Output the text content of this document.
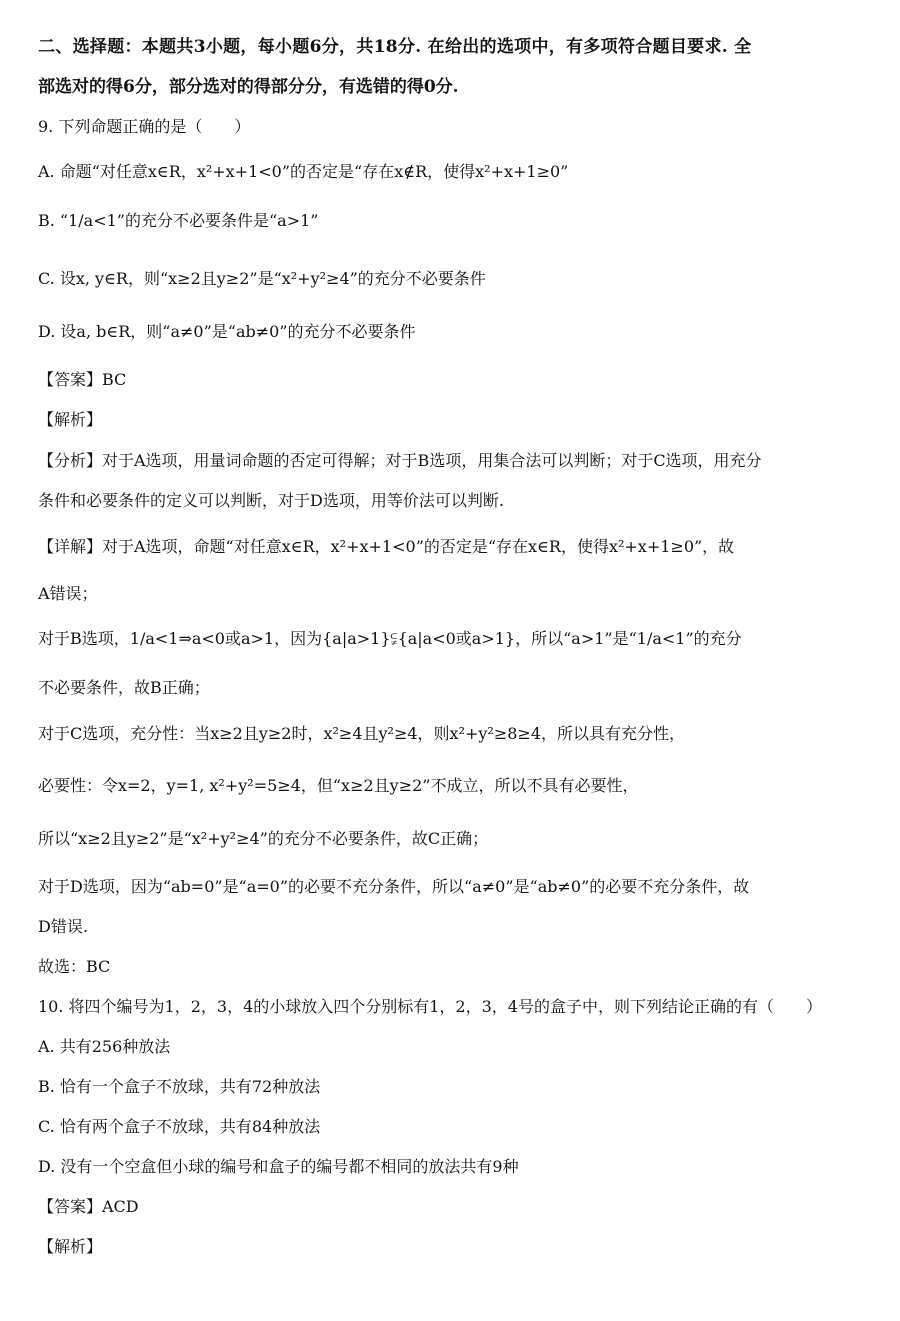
二、选择题：本题共3小题，每小题6分，共18分. 在给出的选项中，有多项符合题目要求. 全
部选对的得6分，部分选对的得部分分，有选错的得0分.
9. 下列命题正确的是（　　）
A. 命题“对任意x∈R，x²+x+1<0”的否定是“存在x∉R，使得x²+x+1≥0”
B. “1/a<1”的充分不必要条件是“a>1”
C. 设x, y∈R，则“x≥2且y≥2”是“x²+y²≥4”的充分不必要条件
D. 设a, b∈R，则“a≠0”是“ab≠0”的充分不必要条件
【答案】BC
【解析】
【分析】对于A选项，用量词命题的否定可得解；对于B选项，用集合法可以判断；对于C选项，用充分
条件和必要条件的定义可以判断，对于D选项，用等价法可以判断.
【详解】对于A选项，命题“对任意x∈R，x²+x+1<0”的否定是“存在x∈R，使得x²+x+1≥0”，故
A错误；
对于B选项，1/a<1⇒a<0或a>1，因为{a|a>1}⫋{a|a<0或a>1}，所以“a>1”是“1/a<1”的充分
不必要条件，故B正确；
对于C选项，充分性：当x≥2且y≥2时，x²≥4且y²≥4，则x²+y²≥8≥4，所以具有充分性，
必要性：令x=2，y=1, x²+y²=5≥4，但“x≥2且y≥2”不成立，所以不具有必要性，
所以“x≥2且y≥2”是“x²+y²≥4”的充分不必要条件，故C正确；
对于D选项，因为“ab=0”是“a=0”的必要不充分条件，所以“a≠0”是“ab≠0”的必要不充分条件，故
D错误.
故选：BC
10. 将四个编号为1，2，3，4的小球放入四个分别标有1，2，3，4号的盒子中，则下列结论正确的有（　　）
A. 共有256种放法
B. 恰有一个盒子不放球，共有72种放法
C. 恰有两个盒子不放球，共有84种放法
D. 没有一个空盒但小球的编号和盒子的编号都不相同的放法共有9种
【答案】ACD
【解析】
